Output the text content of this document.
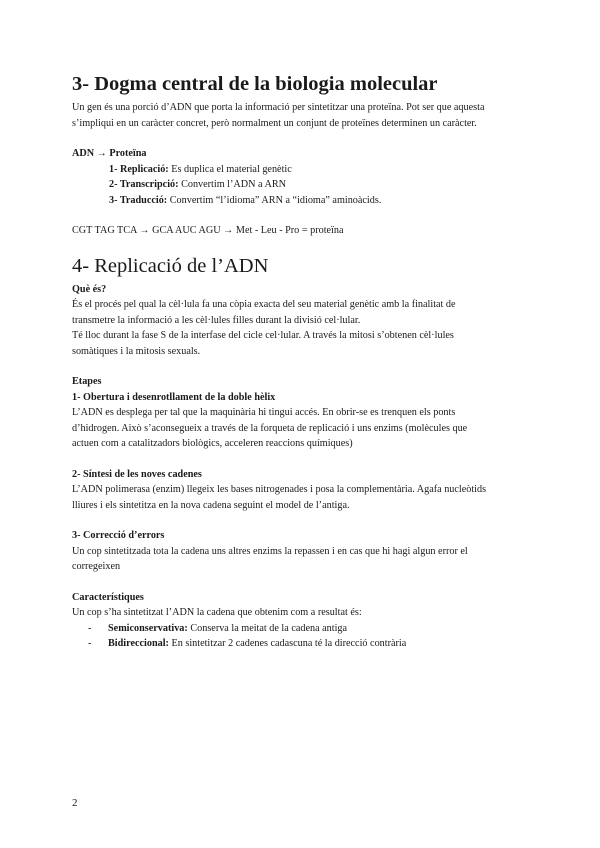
3- Dogma central de la biologia molecular

Un gen és una porció d’ADN que porta la informació per sintetitzar una proteïna. Pot ser que aquesta

s’impliqui en un caràcter concret, però normalment un conjunt de proteïnes determinen un caràcter.

ADN → Proteïna

1- Replicació: Es duplica el material genètic
2- Transcripció: Convertim l’ADN a ARN
3- Traducció: Convertim “l’idioma” ARN a “idioma” aminoàcids.

CGT TAG TCA → GCA AUC AGU → Met - Leu - Pro = proteïna

4- Replicació de l’ADN

Què és?

És el procés pel qual la cèl·lula fa una còpia exacta del seu material genètic amb la finalitat de

transmetre la informació a les cèl·lules filles durant la divisió cel·lular.

Té lloc durant la fase S de la interfase del cicle cel·lular. A través la mitosi s’obtenen cèl·lules

somàtiques i la mitosis sexuals.

Etapes

1- Obertura i desenrotllament de la doble hèlix

L’ADN es desplega per tal que la maquinària hi tingui accés. En obrir-se es trenquen els ponts

d’hidrogen. Això s’aconsegueix a través de la forqueta de replicació i uns enzims (molècules que

actuen com a catalitzadors biològics, acceleren reaccions químiques)

2- Síntesi de les noves cadenes

L’ADN polimerasa (enzim) llegeix les bases nitrogenades i posa la complementària. Agafa nucleòtids

lliures i els sintetitza en la nova cadena seguint el model de l’antiga.

3- Correcció d’errors

Un cop sintetitzada tota la cadena uns altres enzims la repassen i en cas que hi hagi algun error el

corregeixen

Característiques

Un cop s’ha sintetitzat l’ADN la cadena que obtenim com a resultat és:

-	Semiconservativa: Conserva la meitat de la cadena antiga
-	Bidireccional: En sintetitzar 2 cadenes cadascuna té la direcció contrària
2
